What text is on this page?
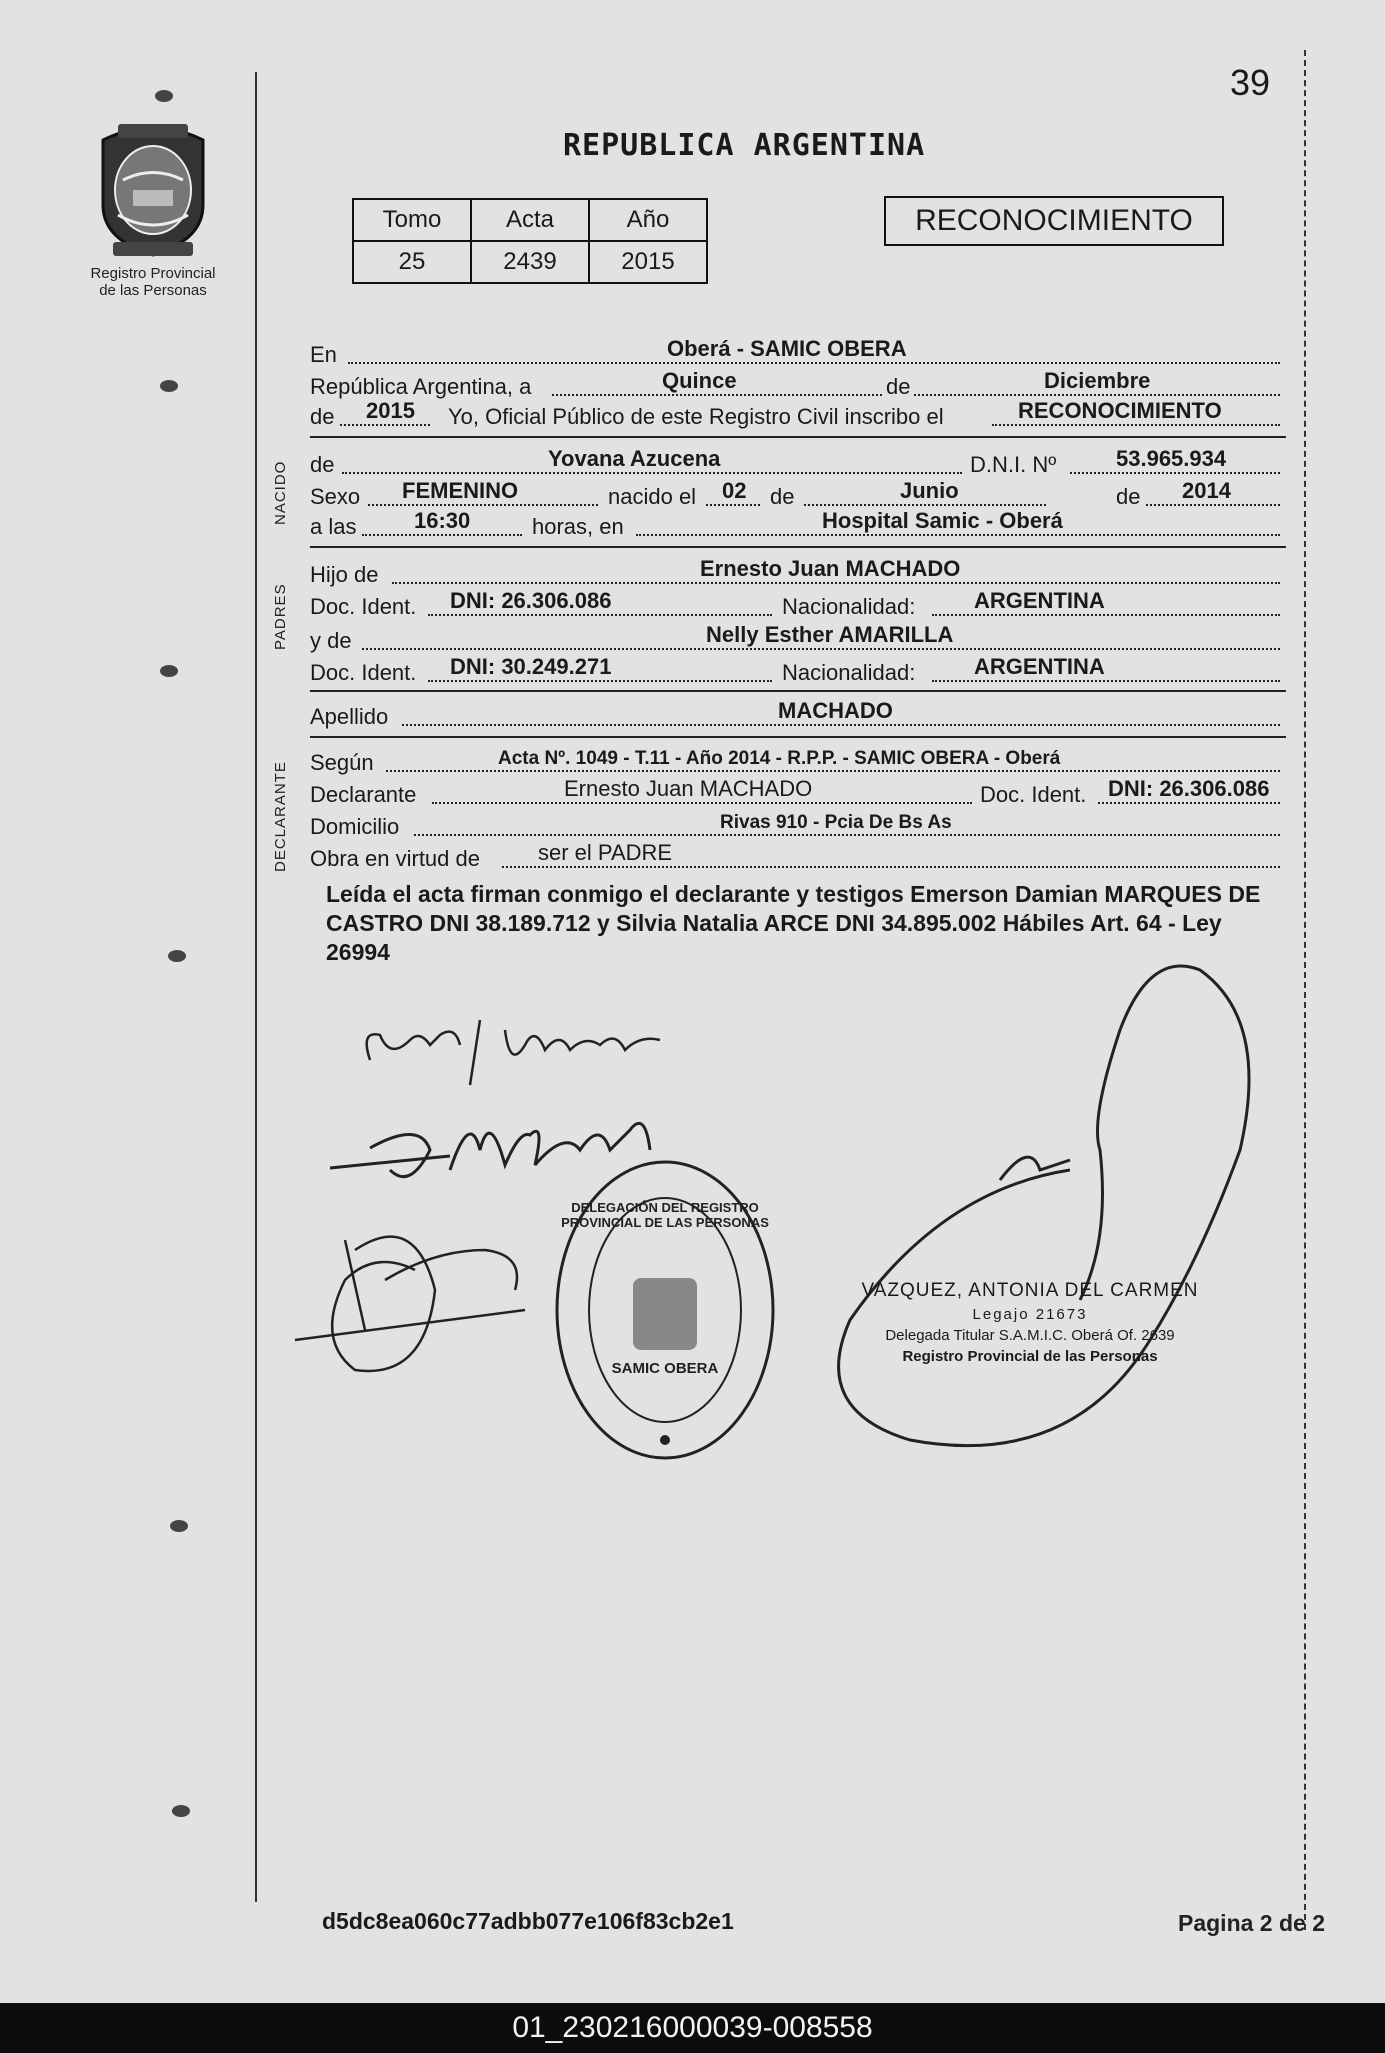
Registro Provincial
de las Personas
39
REPUBLICA ARGENTINA
Tomo	Acta	Año
25	2439	2015
RECONOCIMIENTO
NACIDO
PADRES
DECLARANTE
En	Oberá - SAMIC OBERA
República Argentina, a	Quince	de	Diciembre
de 2015 Yo, Oficial Público de este Registro Civil inscribo el	RECONOCIMIENTO
de	Yovana Azucena	D.N.I. Nº	53.965.934
Sexo FEMENINO	nacido el 02 de	Junio	de 2014
a las	16:30	horas, en	Hospital Samic - Oberá
Hijo de	Ernesto Juan MACHADO
Doc. Ident. DNI: 26.306.086	Nacionalidad:	ARGENTINA
y de	Nelly Esther AMARILLA
Doc. Ident. DNI: 30.249.271	Nacionalidad:	ARGENTINA
Apellido	MACHADO
Según	Acta Nº. 1049 - T.11 - Año 2014 - R.P.P. - SAMIC OBERA - Oberá
Declarante	Ernesto Juan MACHADO	Doc. Ident. DNI: 26.306.086
Domicilio	Rivas 910 - Pcia De Bs As
Obra en virtud de	ser el PADRE
Leída el acta firman conmigo el declarante y testigos Emerson Damian MARQUES DE CASTRO DNI 38.189.712 y Silvia Natalia ARCE DNI 34.895.002 Hábiles Art. 64 - Ley 26994
DELEGACIÓN DEL REGISTRO PROVINCIAL DE LAS PERSONAS
SAMIC OBERA
VAZQUEZ, ANTONIA DEL CARMEN
Legajo 21673
Delegada Titular S.A.M.I.C. Oberá Of. 2639
Registro Provincial de las Personas
d5dc8ea060c77adbb077e106f83cb2e1	Pagina 2 de 2
01_230216000039-008558
